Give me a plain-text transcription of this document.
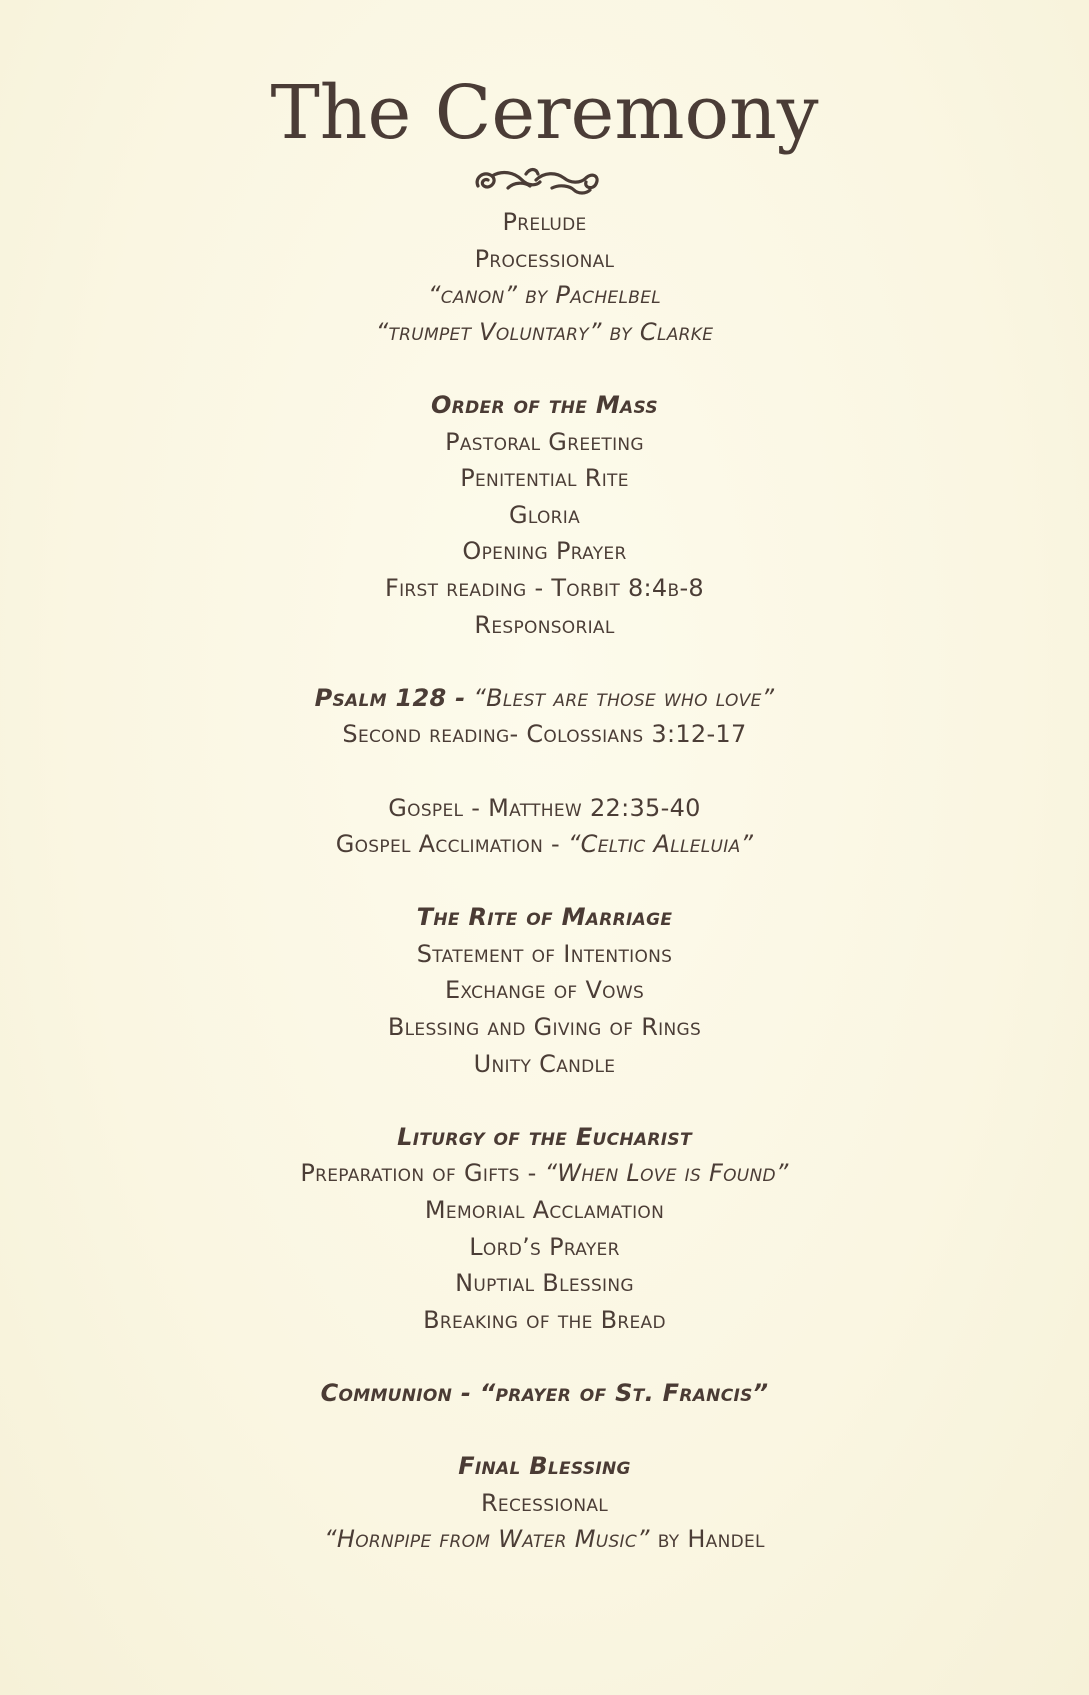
The Ceremony
Prelude
Processional
“canon” by Pachelbel
“trumpet Voluntary” by Clarke
Order of the Mass
Pastoral Greeting
Penitential Rite
Gloria
Opening Prayer
First reading - Torbit 8:4b-8
Responsorial
Psalm 128 - “Blest are those who love”
Second reading- Colossians 3:12-17
Gospel - Matthew 22:35-40
Gospel Acclimation - “Celtic Alleluia”
The Rite of Marriage
Statement of Intentions
Exchange of Vows
Blessing and Giving of Rings
Unity Candle
Liturgy of the Eucharist
Preparation of Gifts - “When Love is Found”
Memorial Acclamation
Lord’s Prayer
Nuptial Blessing
Breaking of the Bread
Communion - “prayer of St. Francis”
Final Blessing
Recessional
“Hornpipe from Water Music” by Handel
